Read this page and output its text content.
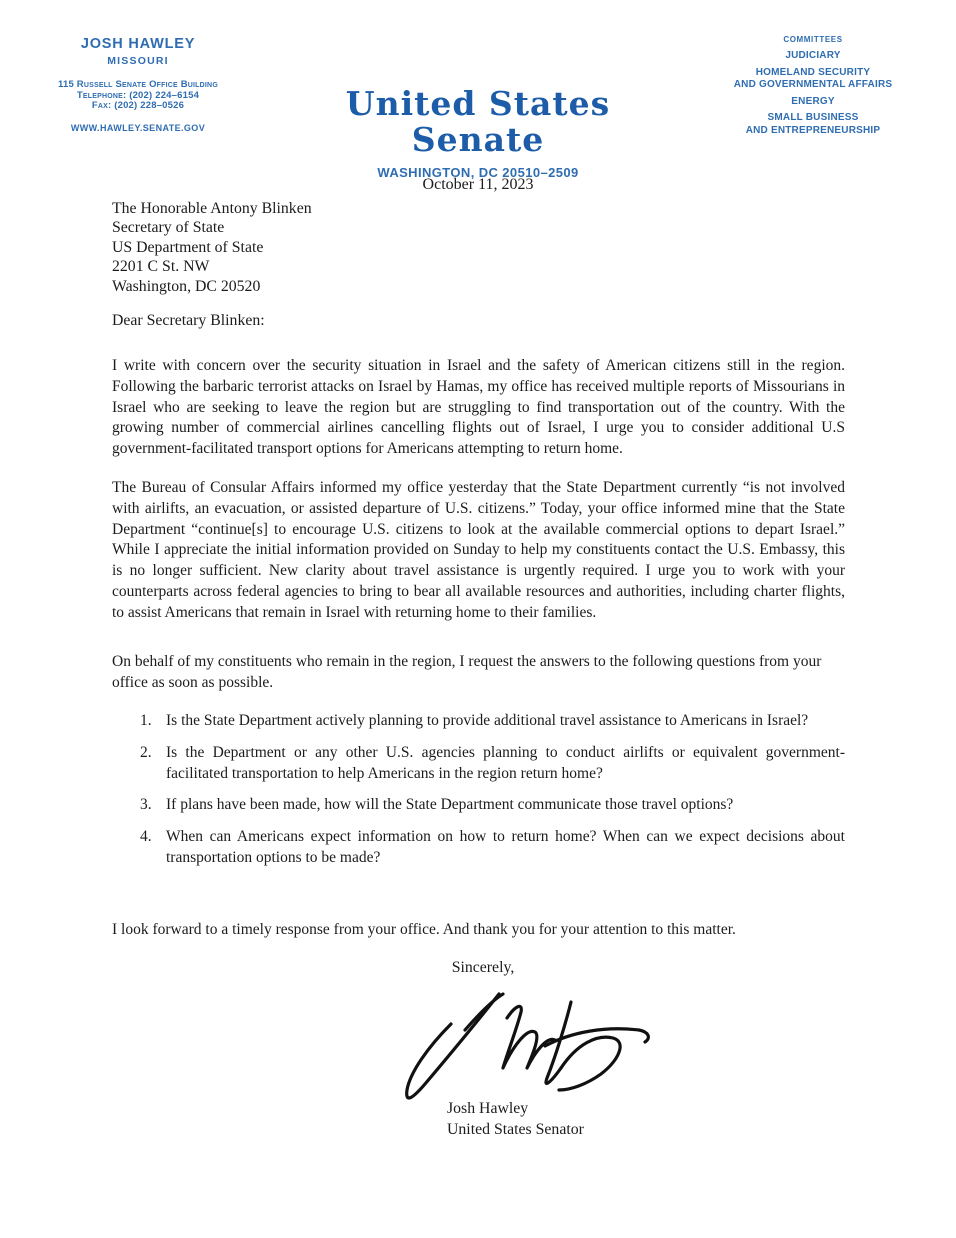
JOSH HAWLEY
MISSOURI
115 Russell Senate Office Building
Telephone: (202) 224–6154
Fax: (202) 228–0526
WWW.HAWLEY.SENATE.GOV
United States Senate
WASHINGTON, DC 20510–2509
COMMITTEES
JUDICIARY
HOMELAND SECURITY
AND GOVERNMENTAL AFFAIRS
ENERGY
SMALL BUSINESS
AND ENTREPRENEURSHIP
October 11, 2023
The Honorable Antony Blinken
Secretary of State
US Department of State
2201 C St. NW
Washington, DC 20520
Dear Secretary Blinken:
I write with concern over the security situation in Israel and the safety of American citizens still in the region. Following the barbaric terrorist attacks on Israel by Hamas, my office has received multiple reports of Missourians in Israel who are seeking to leave the region but are struggling to find transportation out of the country. With the growing number of commercial airlines cancelling flights out of Israel, I urge you to consider additional U.S government-facilitated transport options for Americans attempting to return home.
The Bureau of Consular Affairs informed my office yesterday that the State Department currently “is not involved with airlifts, an evacuation, or assisted departure of U.S. citizens.” Today, your office informed mine that the State Department “continue[s] to encourage U.S. citizens to look at the available commercial options to depart Israel.” While I appreciate the initial information provided on Sunday to help my constituents contact the U.S. Embassy, this is no longer sufficient. New clarity about travel assistance is urgently required. I urge you to work with your counterparts across federal agencies to bring to bear all available resources and authorities, including charter flights, to assist Americans that remain in Israel with returning home to their families.
On behalf of my constituents who remain in the region, I request the answers to the following questions from your office as soon as possible.
1. Is the State Department actively planning to provide additional travel assistance to Americans in Israel?
2. Is the Department or any other U.S. agencies planning to conduct airlifts or equivalent government-facilitated transportation to help Americans in the region return home?
3. If plans have been made, how will the State Department communicate those travel options?
4. When can Americans expect information on how to return home? When can we expect decisions about transportation options to be made?
I look forward to a timely response from your office. And thank you for your attention to this matter.
Sincerely,
Josh Hawley
United States Senator
